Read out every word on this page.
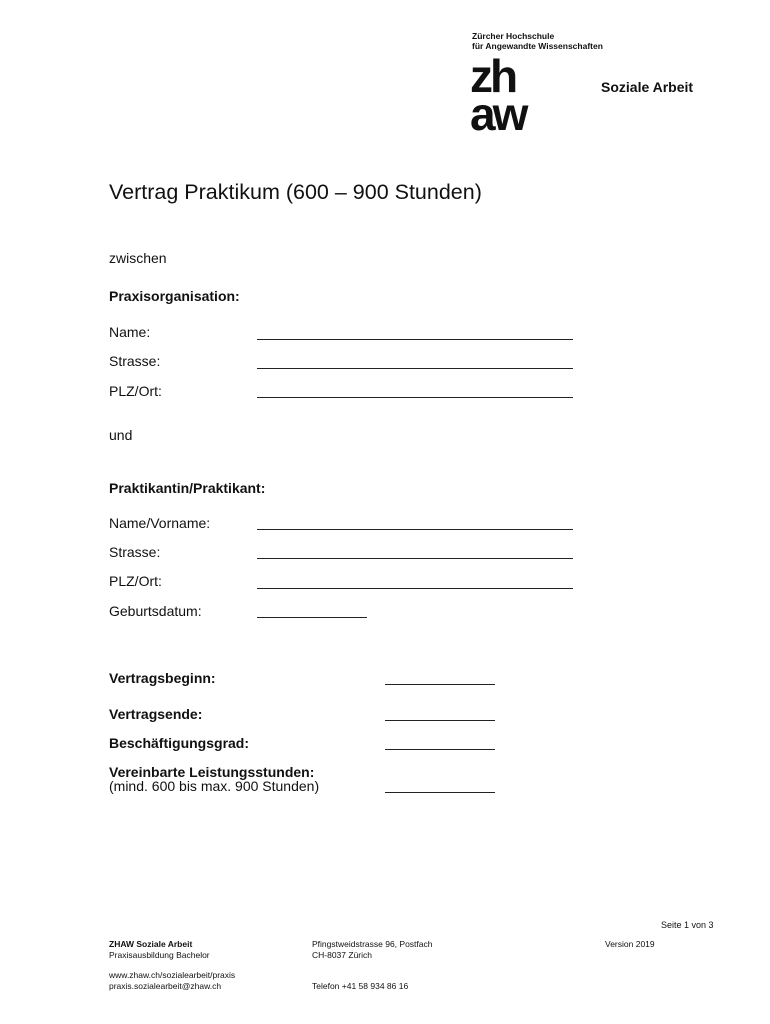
Zürcher Hochschule
für Angewandte Wissenschaften
zh
aw
Soziale Arbeit
Vertrag Praktikum (600 – 900 Stunden)
zwischen
Praxisorganisation:
Name:
Strasse:
PLZ/Ort:
und
Praktikantin/Praktikant:
Name/Vorname:
Strasse:
PLZ/Ort:
Geburtsdatum:
Vertragsbeginn:
Vertragsende:
Beschäftigungsgrad:
Vereinbarte Leistungsstunden:
(mind. 600 bis max. 900 Stunden)
Seite 1 von 3
ZHAW Soziale Arbeit
Praxisausbildung Bachelor
www.zhaw.ch/sozialearbeit/praxis
praxis.sozialearbeit@zhaw.ch
Pfingstweidstrasse 96, Postfach
CH-8037 Zürich
Telefon +41 58 934 86 16
Version 2019
